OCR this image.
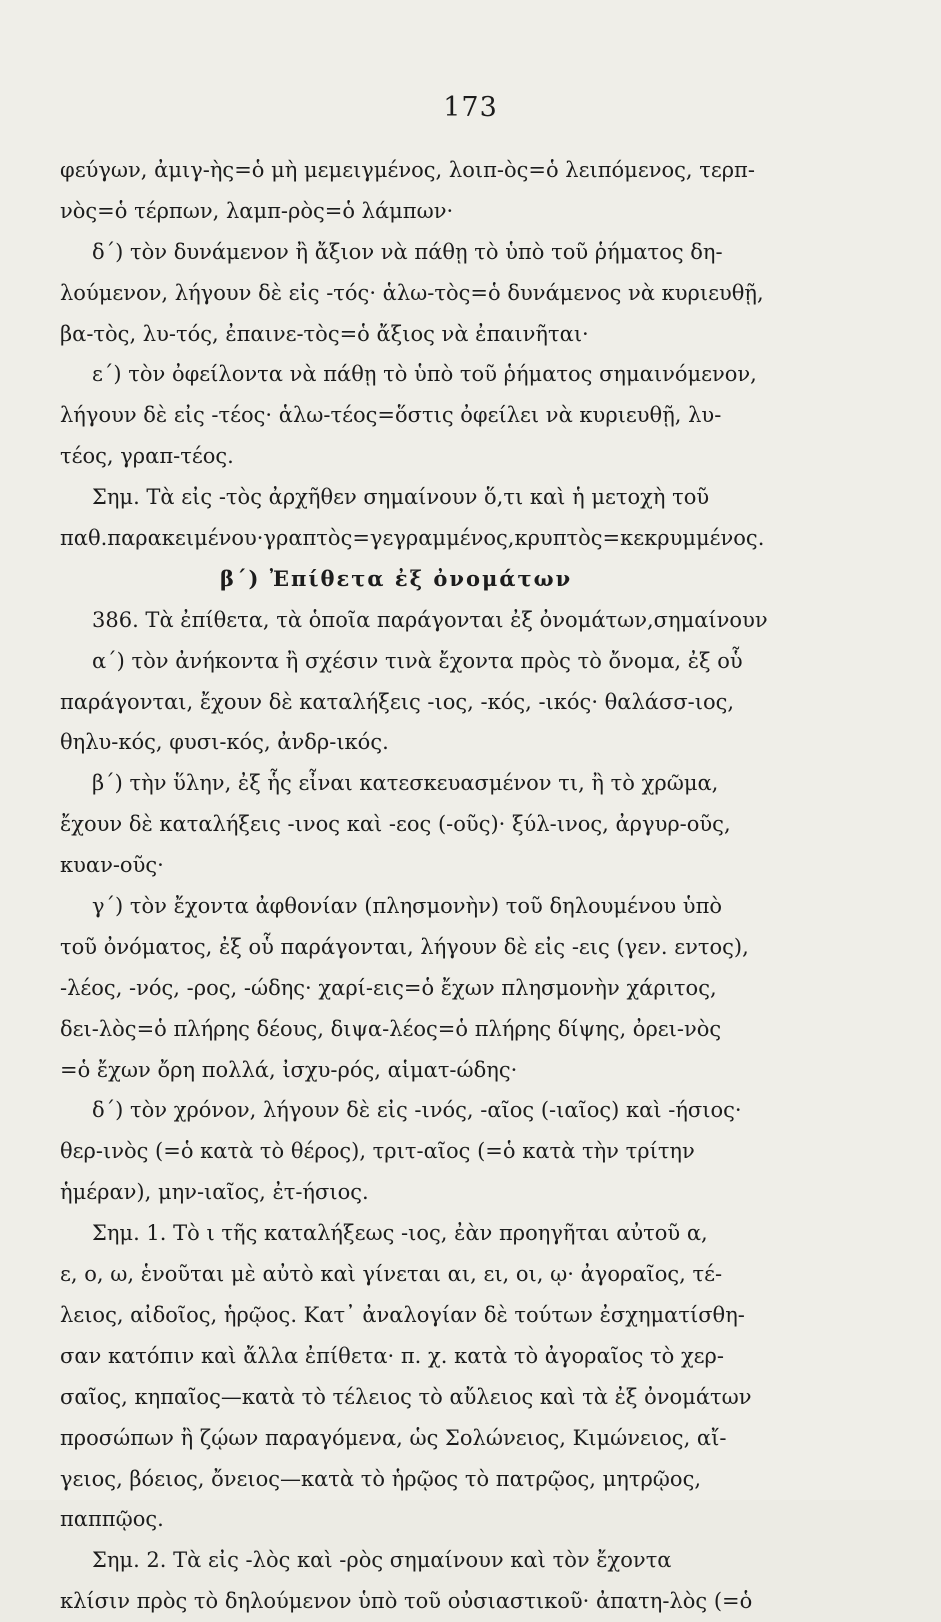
173
φεύγων, ἀμιγ-ὴς=ὁ μὴ μεμειγμένος, λοιπ-ὸς=ὁ λειπόμενος, τερπ-
νὸς=ὁ τέρπων, λαμπ-ρὸς=ὁ λάμπων·
δ΄) τὸν δυνάμενον ἢ ἄξιον νὰ πάθῃ τὸ ὑπὸ τοῦ ῥήματος δη-
λούμενον, λήγουν δὲ εἰς -τός· ἁλω-τὸς=ὁ δυνάμενος νὰ κυριευθῇ,
βα-τὸς, λυ-τός, ἐπαινε-τὸς=ὁ ἄξιος νὰ ἐπαινῆται·
ε΄) τὸν ὀφείλοντα νὰ πάθῃ τὸ ὑπὸ τοῦ ῥήματος σημαινόμενον,
λήγουν δὲ εἰς -τέος· ἁλω-τέος=ὅστις ὀφείλει νὰ κυριευθῇ, λυ-
τέος, γραπ-τέος.
Σημ. Τὰ εἰς -τὸς ἀρχῆθεν σημαίνουν ὅ,τι καὶ ἡ μετοχὴ τοῦ
παθ.παρακειμένου·γραπτὸς=γεγραμμένος,κρυπτὸς=κεκρυμμένος.
β΄) Ἐπίθετα ἐξ ὀνομάτων
386. Τὰ ἐπίθετα, τὰ ὁποῖα παράγονται ἐξ ὀνομάτων,σημαίνουν
α΄) τὸν ἀνήκοντα ἢ σχέσιν τινὰ ἔχοντα πρὸς τὸ ὄνομα, ἐξ οὗ
παράγονται, ἔχουν δὲ καταλήξεις -ιος, -κός, -ικός· θαλάσσ-ιος,
θηλυ-κός, φυσι-κός, ἀνδρ-ικός.
β΄) τὴν ὕλην, ἐξ ἧς εἶναι κατεσκευασμένον τι, ἢ τὸ χρῶμα,
ἔχουν δὲ καταλήξεις -ινος καὶ -εος (-οῦς)· ξύλ-ινος, ἀργυρ-οῦς,
κυαν-οῦς·
γ΄) τὸν ἔχοντα ἀφθονίαν (πλησμονὴν) τοῦ δηλουμένου ὑπὸ
τοῦ ὀνόματος, ἐξ οὗ παράγονται, λήγουν δὲ εἰς -εις (γεν. εντος),
-λέος, -νός, -ρος, -ώδης· χαρί-εις=ὁ ἔχων πλησμονὴν χάριτος,
δει-λὸς=ὁ πλήρης δέους, διψα-λέος=ὁ πλήρης δίψης, ὀρει-νὸς
=ὁ ἔχων ὄρη πολλά, ἰσχυ-ρός, αἱματ-ώδης·
δ΄) τὸν χρόνον, λήγουν δὲ εἰς -ινός, -αῖος (-ιαῖος) καὶ -ήσιος·
θερ-ινὸς (=ὁ κατὰ τὸ θέρος), τριτ-αῖος (=ὁ κατὰ τὴν τρίτην
ἡμέραν), μην-ιαῖος, ἐτ-ήσιος.
Σημ. 1. Τὸ ι τῆς καταλήξεως -ιος, ἐὰν προηγῆται αὐτοῦ α,
ε, ο, ω, ἑνοῦται μὲ αὐτὸ καὶ γίνεται αι, ει, οι, ῳ· ἀγοραῖος, τέ-
λειος, αἰδοῖος, ἡρῷος. Κατ᾽ ἀναλογίαν δὲ τούτων ἐσχηματίσθη-
σαν κατόπιν καὶ ἄλλα ἐπίθετα· π. χ. κατὰ τὸ ἀγοραῖος τὸ χερ-
σαῖος, κηπαῖος—κατὰ τὸ τέλειος τὸ αὔλειος καὶ τὰ ἐξ ὀνομάτων
προσώπων ἢ ζῴων παραγόμενα, ὡς Σολώνειος, Κιμώνειος, αἴ-
γειος, βόειος, ὄνειος—κατὰ τὸ ἡρῷος τὸ πατρῷος, μητρῷος,
παππῷος.
Σημ. 2. Τὰ εἰς -λὸς καὶ -ρὸς σημαίνουν καὶ τὸν ἔχοντα
κλίσιν πρὸς τὸ δηλούμενον ὑπὸ τοῦ οὐσιαστικοῦ· ἀπατη-λὸς (=ὁ
